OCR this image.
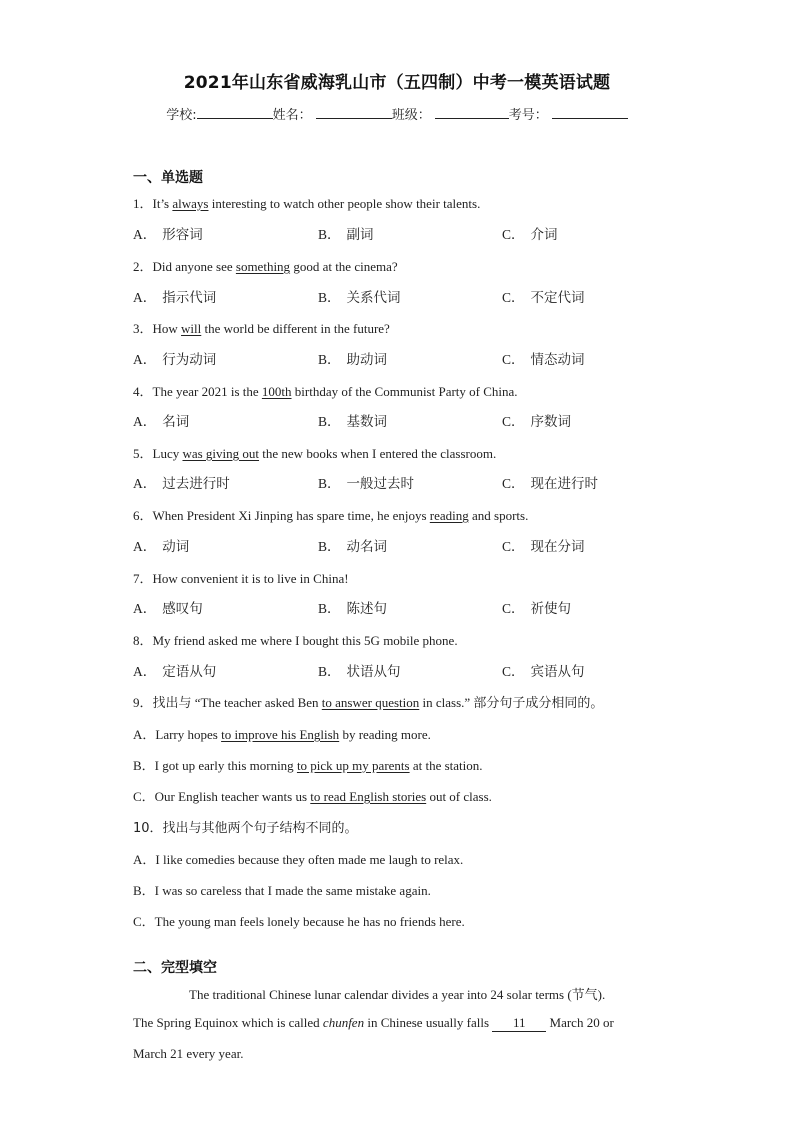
2021年山东省威海乳山市（五四制）中考一模英语试题
学校:	姓名：	班级：	考号：
一、单选题
1．It’s always interesting to watch other people show their talents.
A． 形容词	B． 副词	C． 介词
2．Did anyone see something good at the cinema?
A． 指示代词	B． 关系代词	C． 不定代词
3．How will the world be different in the future?
A． 行为动词	B． 助动词	C． 情态动词
4．The year 2021 is the 100th birthday of the Communist Party of China.
A． 名词	B． 基数词	C． 序数词
5．Lucy was giving out the new books when I entered the classroom.
A． 过去进行时	B． 一般过去时	C． 现在进行时
6．When President Xi Jinping has spare time, he enjoys reading and sports.
A． 动词	B． 动名词	C． 现在分词
7．How convenient it is to live in China!
A． 感叹句	B． 陈述句	C． 祈使句
8．My friend asked me where I bought this 5G mobile phone.
A． 定语从句	B． 状语从句	C． 宾语从句
9．找出与 “The teacher asked Ben to answer question in class.” 部分句子成分相同的。
A．Larry hopes to improve his English by reading more.
B．I got up early this morning to pick up my parents at the station.
C．Our English teacher wants us to read English stories out of class.
10．找出与其他两个句子结构不同的。
A．I like comedies because they often made me laugh to relax.
B．I was so careless that I made the same mistake again.
C．The young man feels lonely because he has no friends here.
二、完型填空
The traditional Chinese lunar calendar divides a year into 24 solar terms (节气).
The Spring Equinox which is called chunfen in Chinese usually falls 11 March 20 or
March 21 every year.
